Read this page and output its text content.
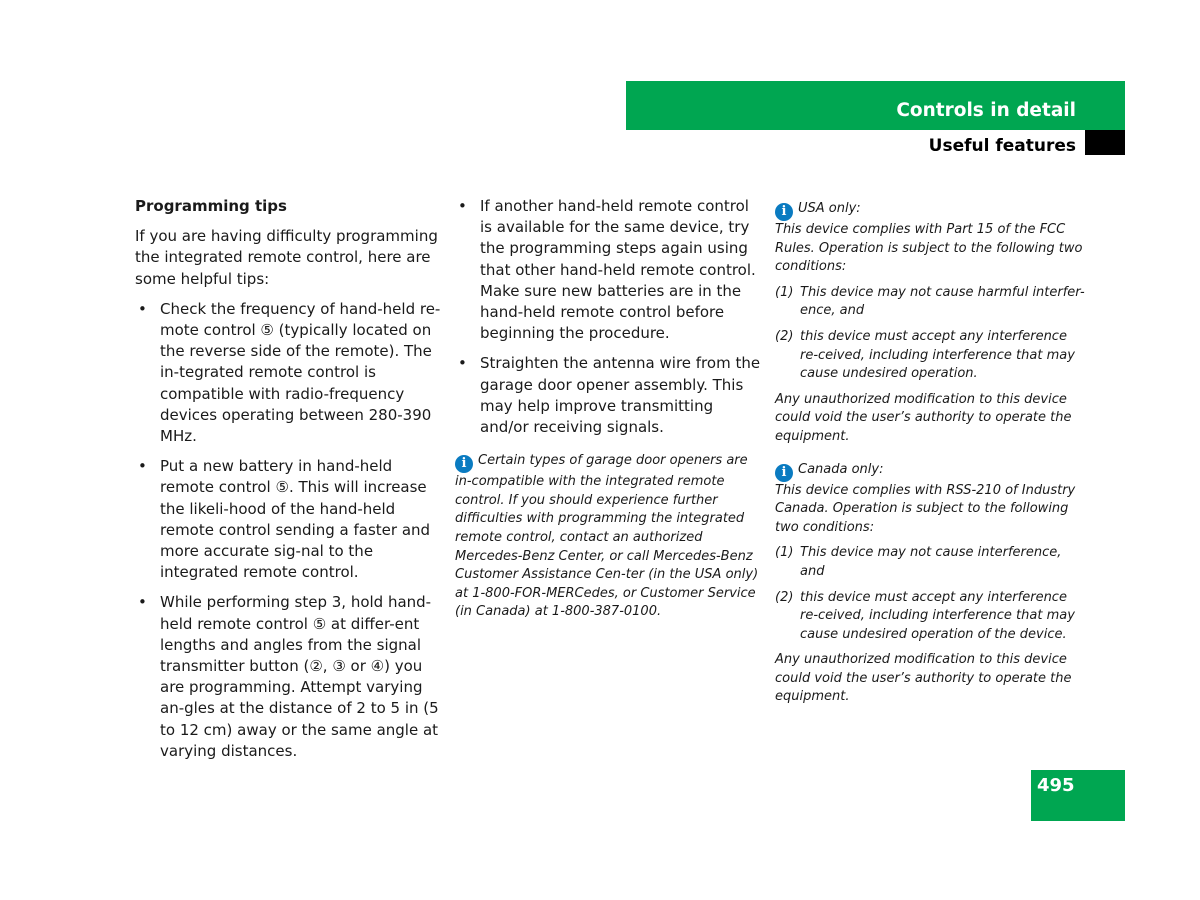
Controls in detail
Useful features
Programming tips

If you are having difficulty programming the integrated remote control, here are some helpful tips:

• Check the frequency of hand-held re-mote control ⑤ (typically located on the reverse side of the remote). The in-tegrated remote control is compatible with radio-frequency devices operating between 280-390 MHz.
• Put a new battery in hand-held remote control ⑤. This will increase the likeli-hood of the hand-held remote control sending a faster and more accurate sig-nal to the integrated remote control.
• While performing step 3, hold hand-held remote control ⑤ at differ-ent lengths and angles from the signal transmitter button (②, ③ or ④) you are programming. Attempt varying an-gles at the distance of 2 to 5 in (5 to 12 cm) away or the same angle at varying distances.
• If another hand-held remote control is available for the same device, try the programming steps again using that other hand-held remote control. Make sure new batteries are in the hand-held remote control before beginning the procedure.
• Straighten the antenna wire from the garage door opener assembly. This may help improve transmitting and/or receiving signals.
i Certain types of garage door openers are in-compatible with the integrated remote control. If you should experience further difficulties with programming the integrated remote control, contact an authorized Mercedes-Benz Center, or call Mercedes-Benz Customer Assistance Cen-ter (in the USA only) at 1-800-FOR-MERCedes, or Customer Service (in Canada) at 1-800-387-0100.
i USA only:
This device complies with Part 15 of the FCC Rules. Operation is subject to the following two conditions:
(1) This device may not cause harmful interfer-ence, and
(2) this device must accept any interference re-ceived, including interference that may cause undesired operation.
Any unauthorized modification to this device could void the user’s authority to operate the equipment.
i Canada only:
This device complies with RSS-210 of Industry Canada. Operation is subject to the following two conditions:
(1) This device may not cause interference, and
(2) this device must accept any interference re-ceived, including interference that may cause undesired operation of the device.
Any unauthorized modification to this device could void the user’s authority to operate the equipment.
495
